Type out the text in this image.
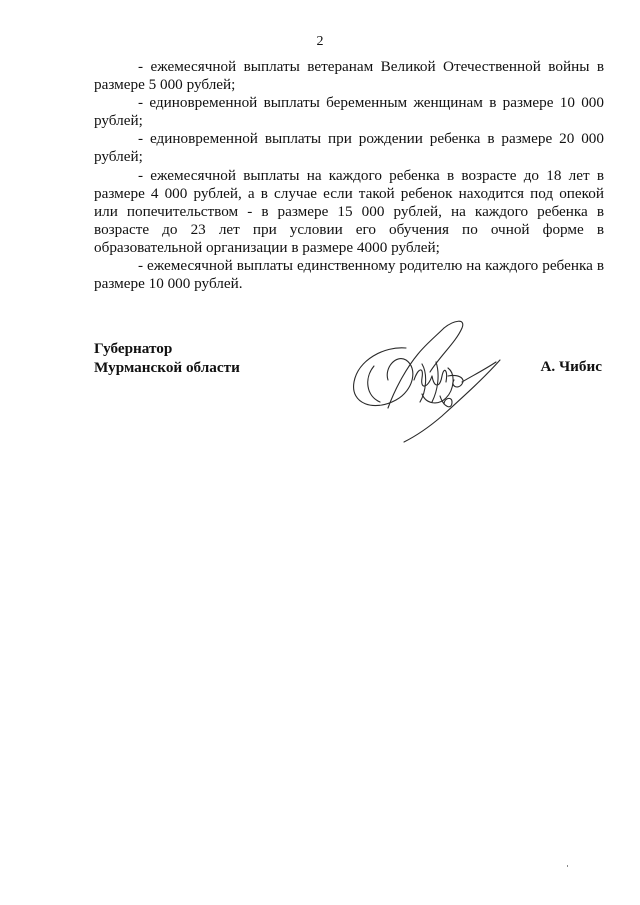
2

- ежемесячной выплаты ветеранам Великой Отечественной войны в размере 5 000 рублей;

- единовременной выплаты беременным женщинам в размере 10 000 рублей;

- единовременной выплаты при рождении ребенка в размере 20 000 рублей;

- ежемесячной выплаты на каждого ребенка в возрасте до 18 лет в размере 4 000 рублей, а в случае если такой ребенок находится под опекой или попечительством - в размере 15 000 рублей, на каждого ребенка в возрасте до 23 лет при условии его обучения по очной форме в образовательной организации в размере 4000 рублей;

- ежемесячной выплаты единственному родителю на каждого ребенка в размере 10 000 рублей.

Губернатор
Мурманской области	А. Чибис
